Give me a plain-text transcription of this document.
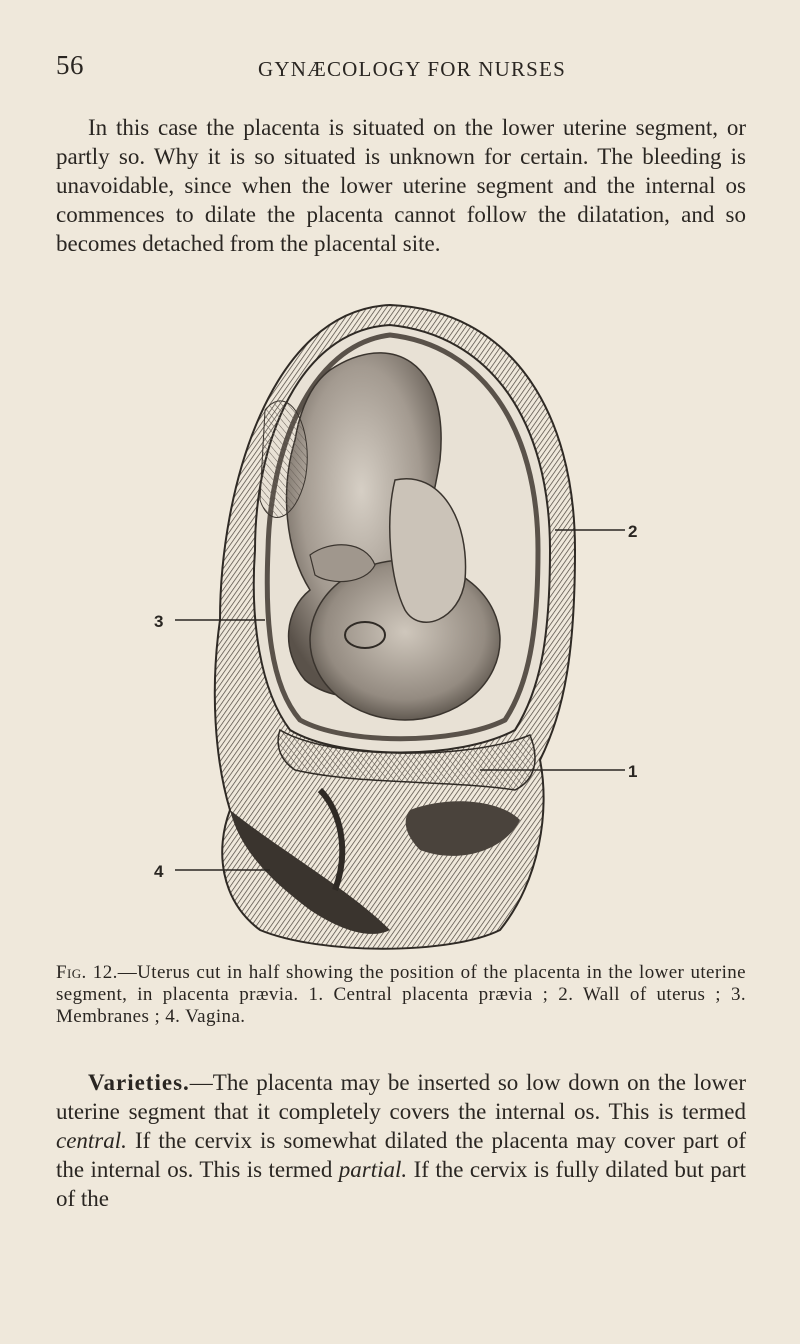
56	GYNÆCOLOGY FOR NURSES

In this case the placenta is situated on the lower uterine segment, or partly so. Why it is so situated is unknown for certain. The bleeding is unavoidable, since when the lower uterine segment and the internal os commences to dilate the placenta cannot follow the dilatation, and so becomes detached from the placental site.

2
1
3
4
Fig. 12.—Uterus cut in half showing the position of the placenta in the lower uterine segment, in placenta prævia. 1. Central placenta prævia ; 2. Wall of uterus ; 3. Membranes ; 4. Vagina.

Varieties.—The placenta may be inserted so low down on the lower uterine segment that it completely covers the internal os. This is termed central. If the cervix is somewhat dilated the placenta may cover part of the internal os. This is termed partial. If the cervix is fully dilated but part of the
